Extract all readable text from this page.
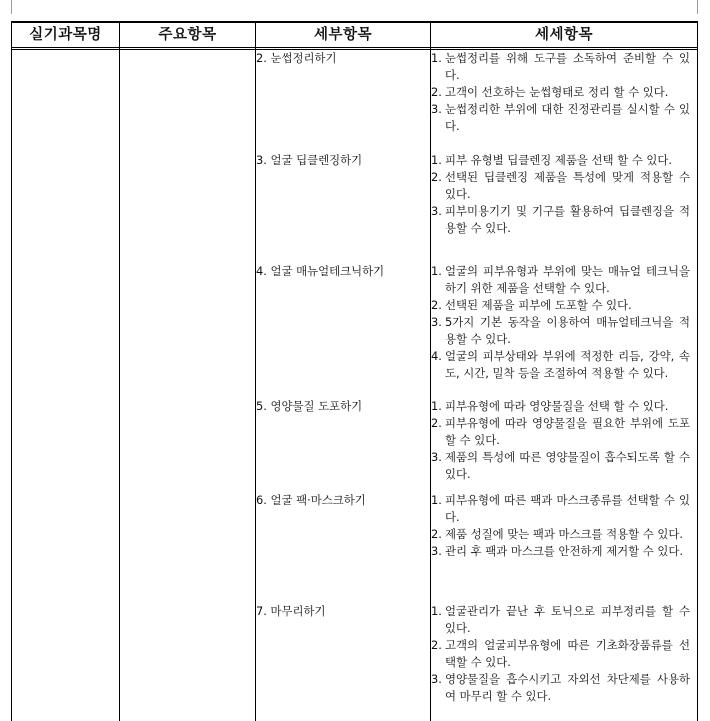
실기과목명	주요항목	세부항목	세세항목
2. 눈썹정리하기	1. 눈썹정리를 위해 도구를 소독하여 준비할 수 있다.
2. 고객이 선호하는 눈썹형태로 정리 할 수 있다.
3. 눈썹정리한 부위에 대한 진정관리를 실시할 수 있다.
3. 얼굴 딥클렌징하기	1. 피부 유형별 딥클렌징 제품을 선택 할 수 있다.
2. 선택된 딥클렌징 제품을 특성에 맞게 적용할 수 있다.
3. 피부미용기기 및 기구를 활용하여 딥클렌징을 적용할 수 있다.
4. 얼굴 매뉴얼테크닉하기	1. 얼굴의 피부유형과 부위에 맞는 매뉴얼 테크닉을 하기 위한 제품을 선택할 수 있다.
2. 선택된 제품을 피부에 도포할 수 있다.
3. 5가지 기본 동작을 이용하여 매뉴얼테크닉을 적용할 수 있다.
4. 얼굴의 피부상태와 부위에 적정한 리듬, 강약, 속도, 시간, 밀착 등을 조절하여 적용할 수 있다.
5. 영양물질 도포하기	1. 피부유형에 따라 영양물질을 선택 할 수 있다.
2. 피부유형에 따라 영양물질을 필요한 부위에 도포 할 수 있다.
3. 제품의 특성에 따른 영양물질이 흡수되도록 할 수 있다.
6. 얼굴 팩·마스크하기	1. 피부유형에 따른 팩과 마스크종류를 선택할 수 있다.
2. 제품 성질에 맞는 팩과 마스크를 적용할 수 있다.
3. 관리 후 팩과 마스크를 안전하게 제거할 수 있다.
7. 마무리하기	1. 얼굴관리가 끝난 후 토닉으로 피부정리를 할 수 있다.
2. 고객의 얼굴피부유형에 따른 기초화장품류를 선택할 수 있다.
3. 영양물질을 흡수시키고 자외선 차단제를 사용하여 마무리 할 수 있다.
